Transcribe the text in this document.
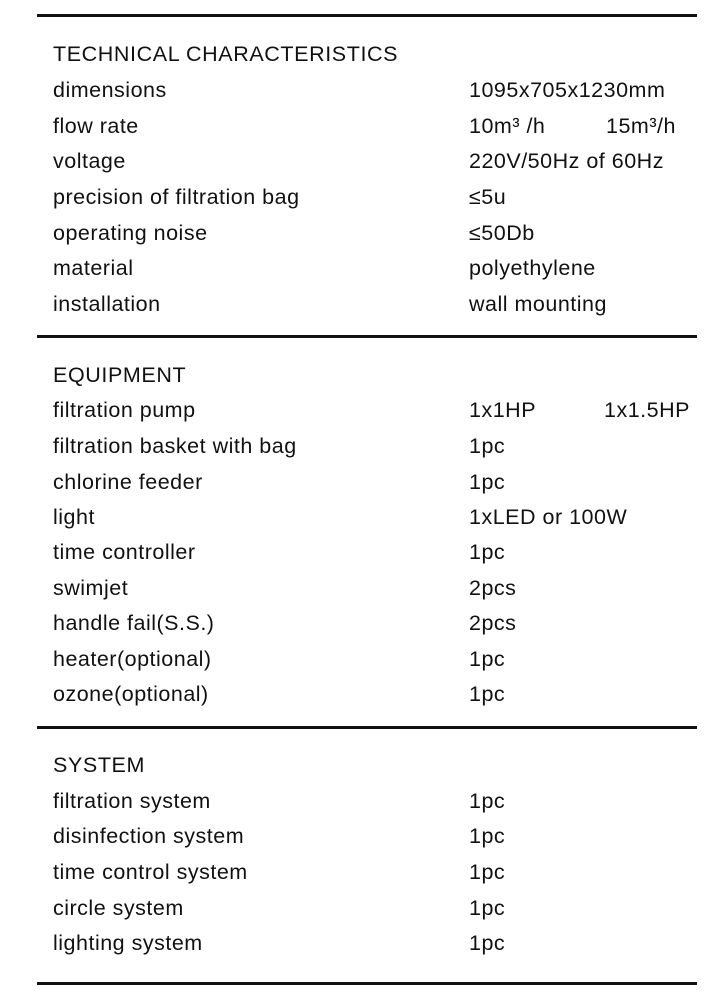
TECHNICAL CHARACTERISTICS
dimensions	1095x705x1230mm
flow rate	10m³ /h	15m³/h
voltage	220V/50Hz of 60Hz
precision of filtration bag	≤5u
operating noise	≤50Db
material	polyethylene
installation	wall mounting
EQUIPMENT
filtration pump	1x1HP	1x1.5HP
filtration basket with bag	1pc
chlorine feeder	1pc
light	1xLED or 100W
time controller	1pc
swimjet	2pcs
handle fail(S.S.)	2pcs
heater(optional)	1pc
ozone(optional)	1pc
SYSTEM
filtration system	1pc
disinfection system	1pc
time control system	1pc
circle system	1pc
lighting system	1pc
